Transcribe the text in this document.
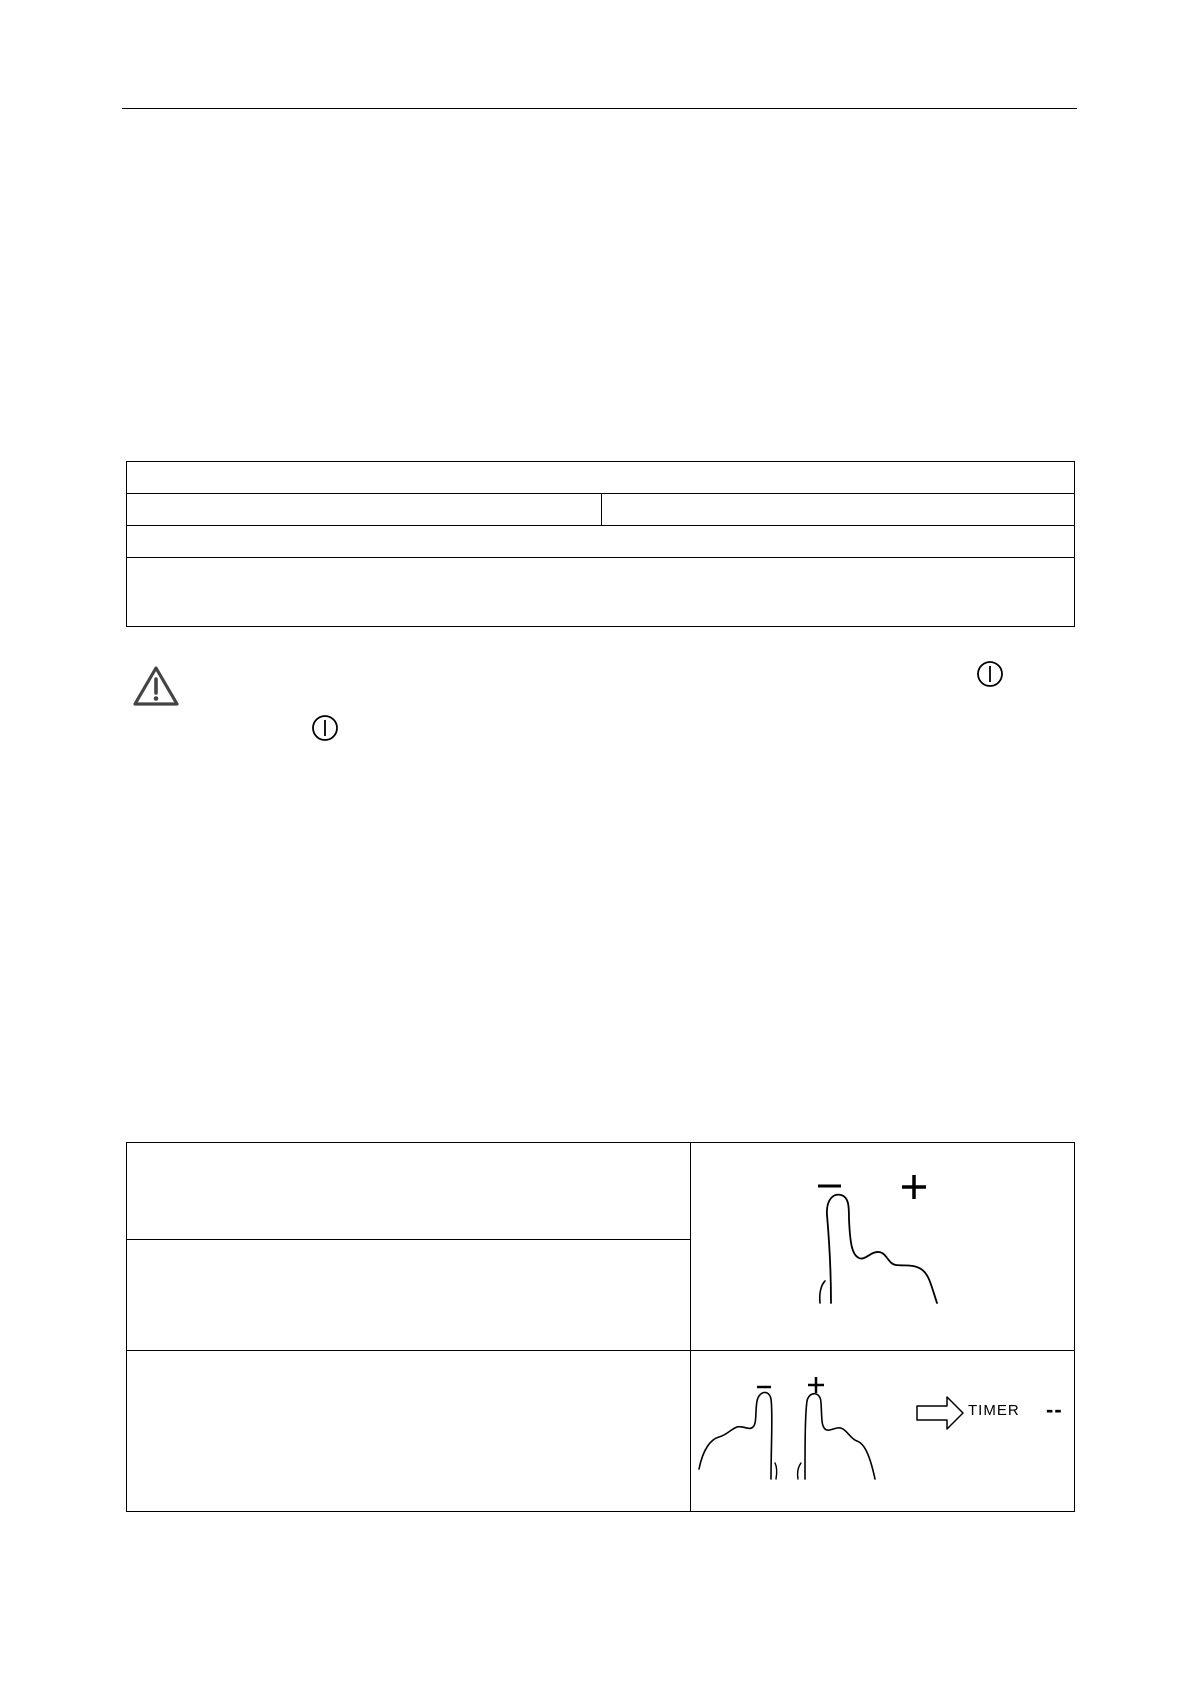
	TIMER --
